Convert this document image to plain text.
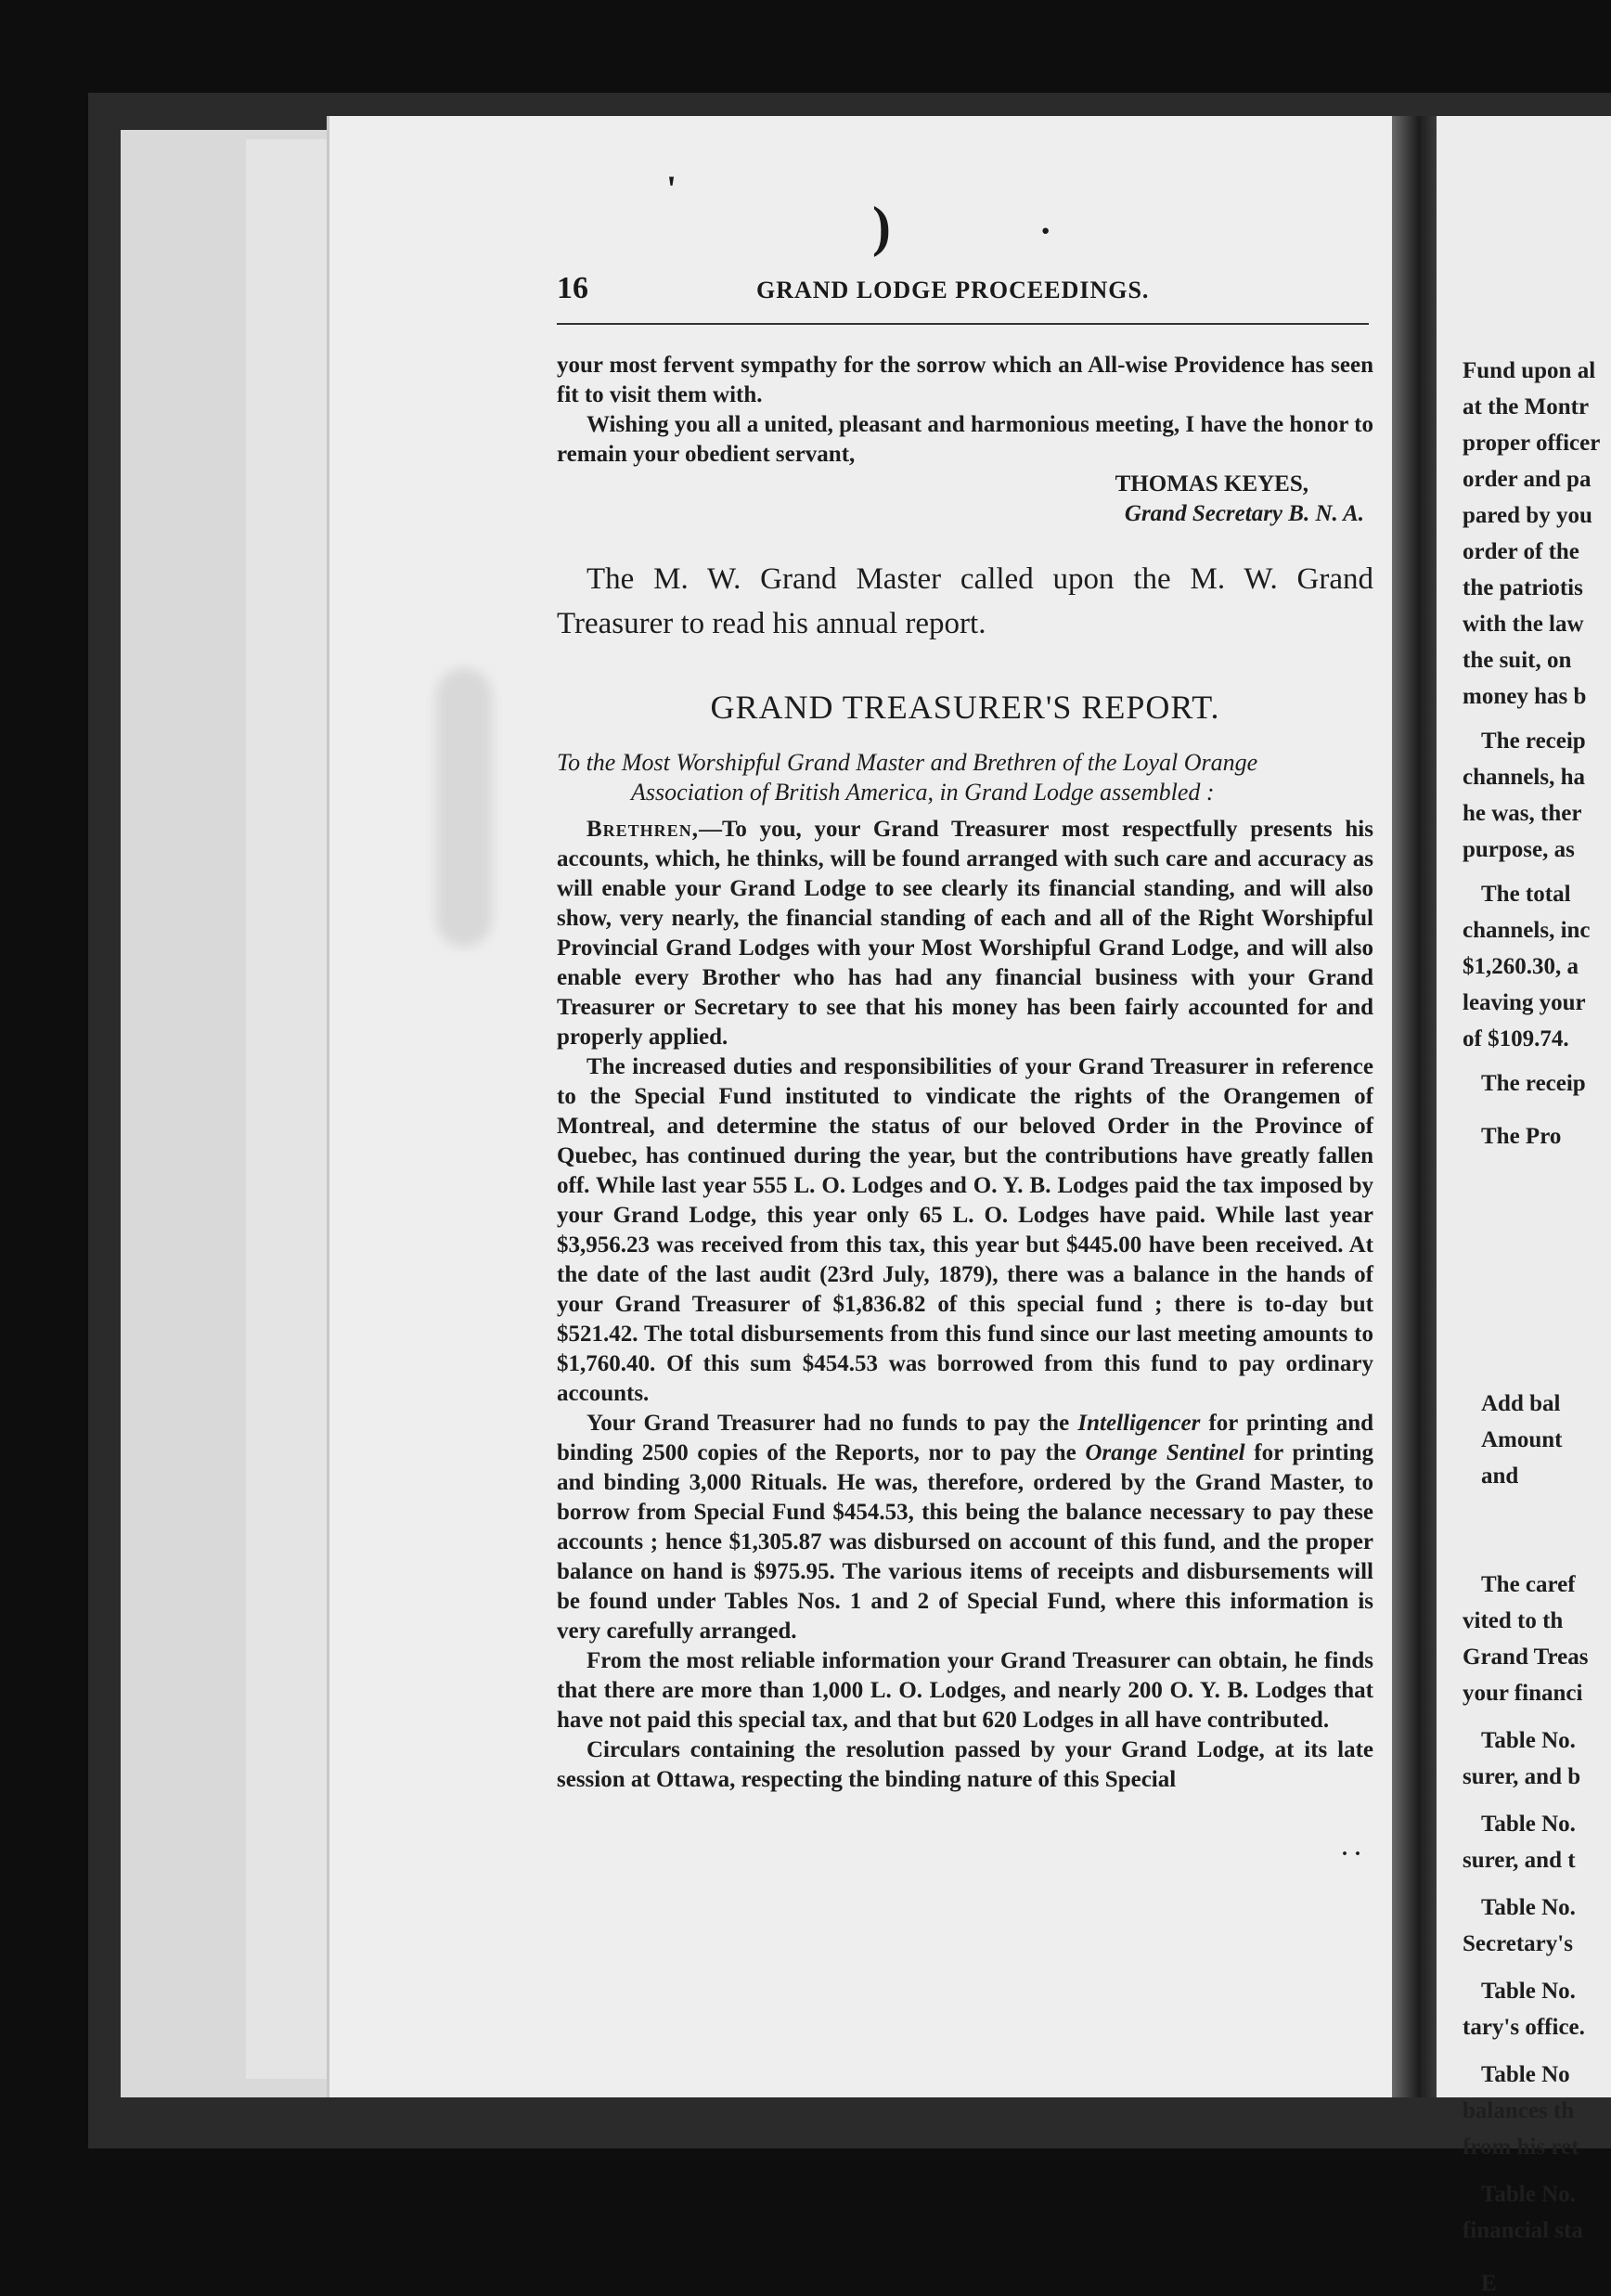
'
)	·
16	GRAND LODGE PROCEEDINGS.

your most fervent sympathy for the sorrow which an All-wise Providence has seen fit to visit them with.

Wishing you all a united, pleasant and harmonious meeting, I have the honor to remain your obedient servant,

THOMAS KEYES,

Grand Secretary B. N. A.

The M. W. Grand Master called upon the M. W. Grand Treasurer to read his annual report.

GRAND TREASURER'S REPORT.

To the Most Worshipful Grand Master and Brethren of the Loyal Orange
Association of British America, in Grand Lodge assembled :

Brethren,—To you, your Grand Treasurer most respectfully presents his accounts, which, he thinks, will be found arranged with such care and accuracy as will enable your Grand Lodge to see clearly its financial standing, and will also show, very nearly, the financial standing of each and all of the Right Worshipful Provincial Grand Lodges with your Most Worshipful Grand Lodge, and will also enable every Brother who has had any financial business with your Grand Treasurer or Secretary to see that his money has been fairly accounted for and properly applied.

The increased duties and responsibilities of your Grand Treasurer in reference to the Special Fund instituted to vindicate the rights of the Orangemen of Montreal, and determine the status of our beloved Order in the Province of Quebec, has continued during the year, but the contributions have greatly fallen off. While last year 555 L. O. Lodges and O. Y. B. Lodges paid the tax imposed by your Grand Lodge, this year only 65 L. O. Lodges have paid. While last year $3,956.23 was received from this tax, this year but $445.00 have been received. At the date of the last audit (23rd July, 1879), there was a balance in the hands of your Grand Treasurer of $1,836.82 of this special fund ; there is to-day but $521.42. The total disbursements from this fund since our last meeting amounts to $1,760.40. Of this sum $454.53 was borrowed from this fund to pay ordinary accounts.

Your Grand Treasurer had no funds to pay the Intelligencer for printing and binding 2500 copies of the Reports, nor to pay the Orange Sentinel for printing and binding 3,000 Rituals. He was, therefore, ordered by the Grand Master, to borrow from Special Fund $454.53, this being the balance necessary to pay these accounts ; hence $1,305.87 was disbursed on account of this fund, and the proper balance on hand is $975.95. The various items of receipts and disbursements will be found under Tables Nos. 1 and 2 of Special Fund, where this information is very carefully arranged.

From the most reliable information your Grand Treasurer can obtain, he finds that there are more than 1,000 L. O. Lodges, and nearly 200 O. Y. B. Lodges that have not paid this special tax, and that but 620 Lodges in all have contributed.

Circulars containing the resolution passed by your Grand Lodge, at its late session at Ottawa, respecting the binding nature of this Special

· ·
Fund upon al
at the Montr
proper officer
order and pa
pared by you
order of the
the patriotis
with the law
the suit, on
money has b
The receip
channels, ha
he was, ther
purpose, as
The total
channels, inc
$1,260.30, a
leaving your
of $109.74.
The receip
The Pro
Add bal
Amount
and
The caref
vited to th
Grand Treas
your financi
Table No.
surer, and b
Table No.
surer, and t
Table No.
Secretary's
Table No.
tary's office.
Table No
balances th
from his ret
Table No.
financial sta
E
